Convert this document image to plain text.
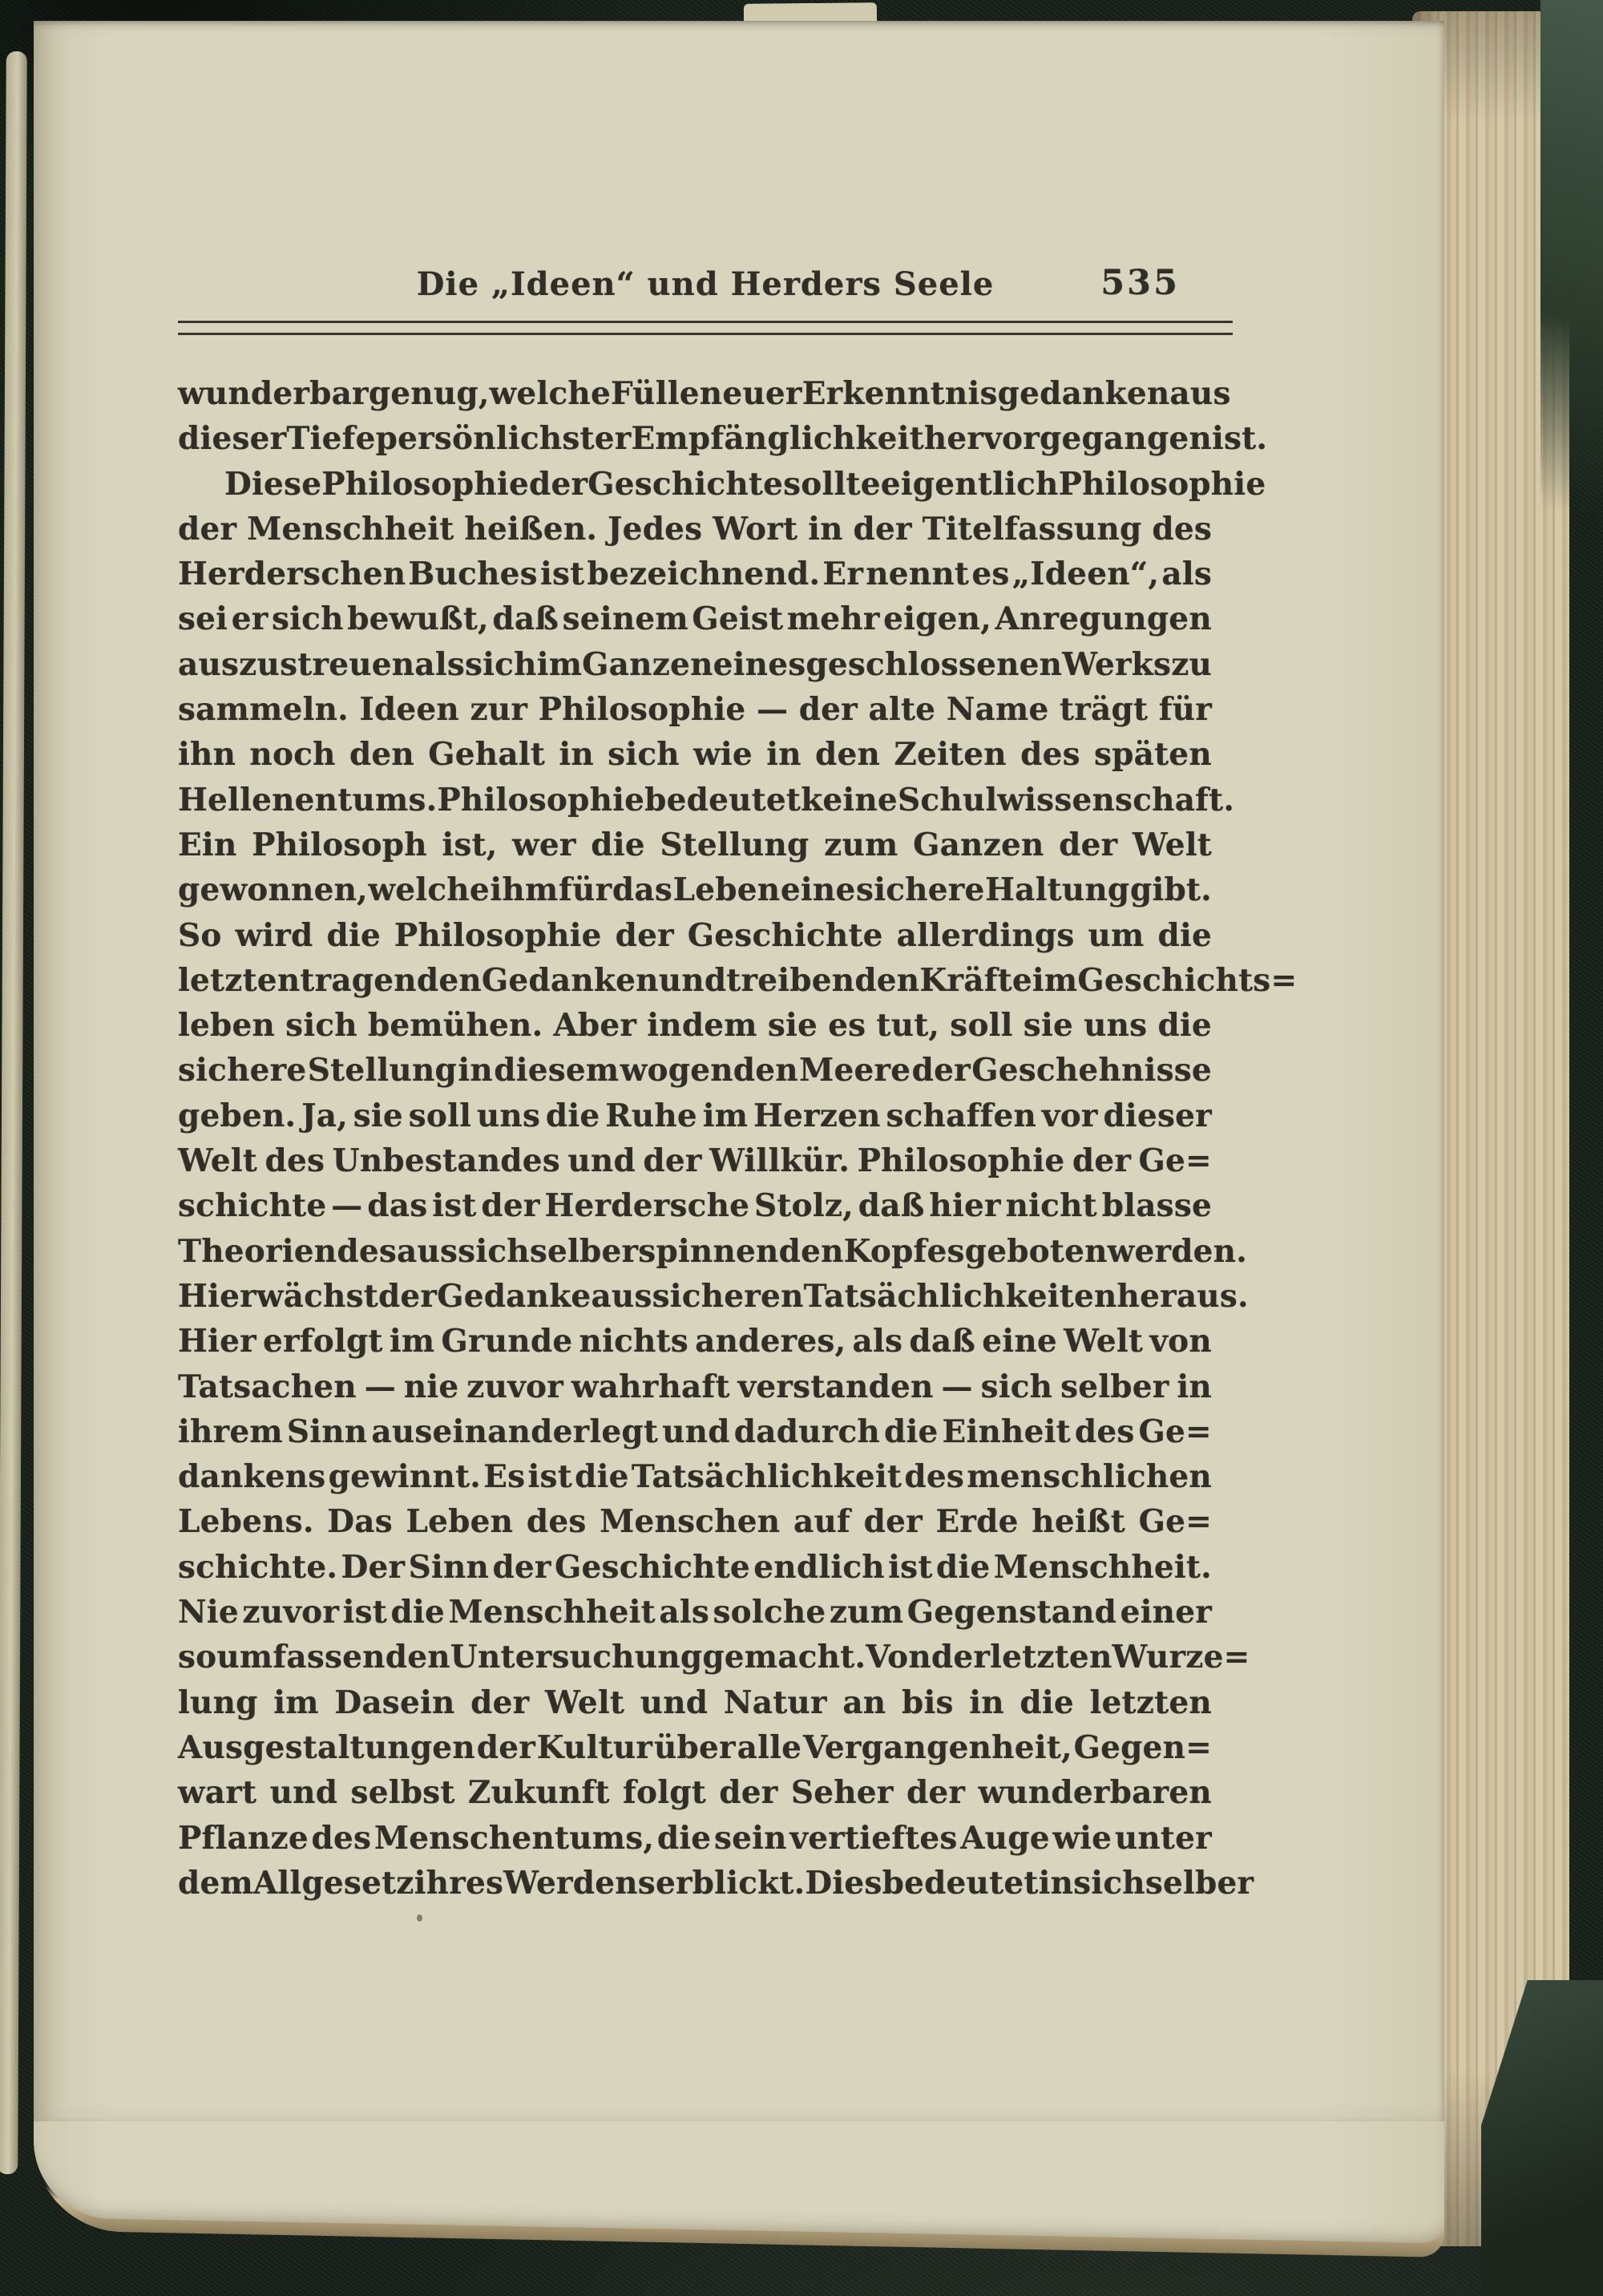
Die „Ideen“ und Herders Seele	535
wunderbar genug, welche Fülle neuer Erkenntnisgedanken aus
dieser Tiefe persönlichster Empfänglichkeit hervorgegangen ist.
Diese Philosophie der Geschichte sollte eigentlich Philosophie
der Menschheit heißen. Jedes Wort in der Titelfassung des
Herderschen Buches ist bezeichnend. Er nennt es „Ideen“, als
sei er sich bewußt, daß seinem Geist mehr eigen, Anregungen
auszustreuen als sich im Ganzen eines geschlossenen Werks zu
sammeln. Ideen zur Philosophie — der alte Name trägt für
ihn noch den Gehalt in sich wie in den Zeiten des späten
Hellenentums. Philosophie bedeutet keine Schulwissenschaft.
Ein Philosoph ist, wer die Stellung zum Ganzen der Welt
gewonnen, welche ihm für das Leben eine sichere Haltung gibt.
So wird die Philosophie der Geschichte allerdings um die
letzten tragenden Gedanken und treibenden Kräfte im Geschichts=
leben sich bemühen. Aber indem sie es tut, soll sie uns die
sichere Stellung in diesem wogenden Meere der Geschehnisse
geben. Ja, sie soll uns die Ruhe im Herzen schaffen vor dieser
Welt des Unbestandes und der Willkür. Philosophie der Ge=
schichte — das ist der Herdersche Stolz, daß hier nicht blasse
Theorien des aus sich selber spinnenden Kopfes geboten werden.
Hier wächst der Gedanke aus sicheren Tatsächlichkeiten heraus.
Hier erfolgt im Grunde nichts anderes, als daß eine Welt von
Tatsachen — nie zuvor wahrhaft verstanden — sich selber in
ihrem Sinn auseinanderlegt und dadurch die Einheit des Ge=
dankens gewinnt. Es ist die Tatsächlichkeit des menschlichen
Lebens. Das Leben des Menschen auf der Erde heißt Ge=
schichte. Der Sinn der Geschichte endlich ist die Menschheit.
Nie zuvor ist die Menschheit als solche zum Gegenstand einer
so umfassenden Untersuchung gemacht. Von der letzten Wurze=
lung im Dasein der Welt und Natur an bis in die letzten
Ausgestaltungen der Kultur über alle Vergangenheit, Gegen=
wart und selbst Zukunft folgt der Seher der wunderbaren
Pflanze des Menschentums, die sein vertieftes Auge wie unter
dem Allgesetz ihres Werdens erblickt. Dies bedeutet in sich selber
